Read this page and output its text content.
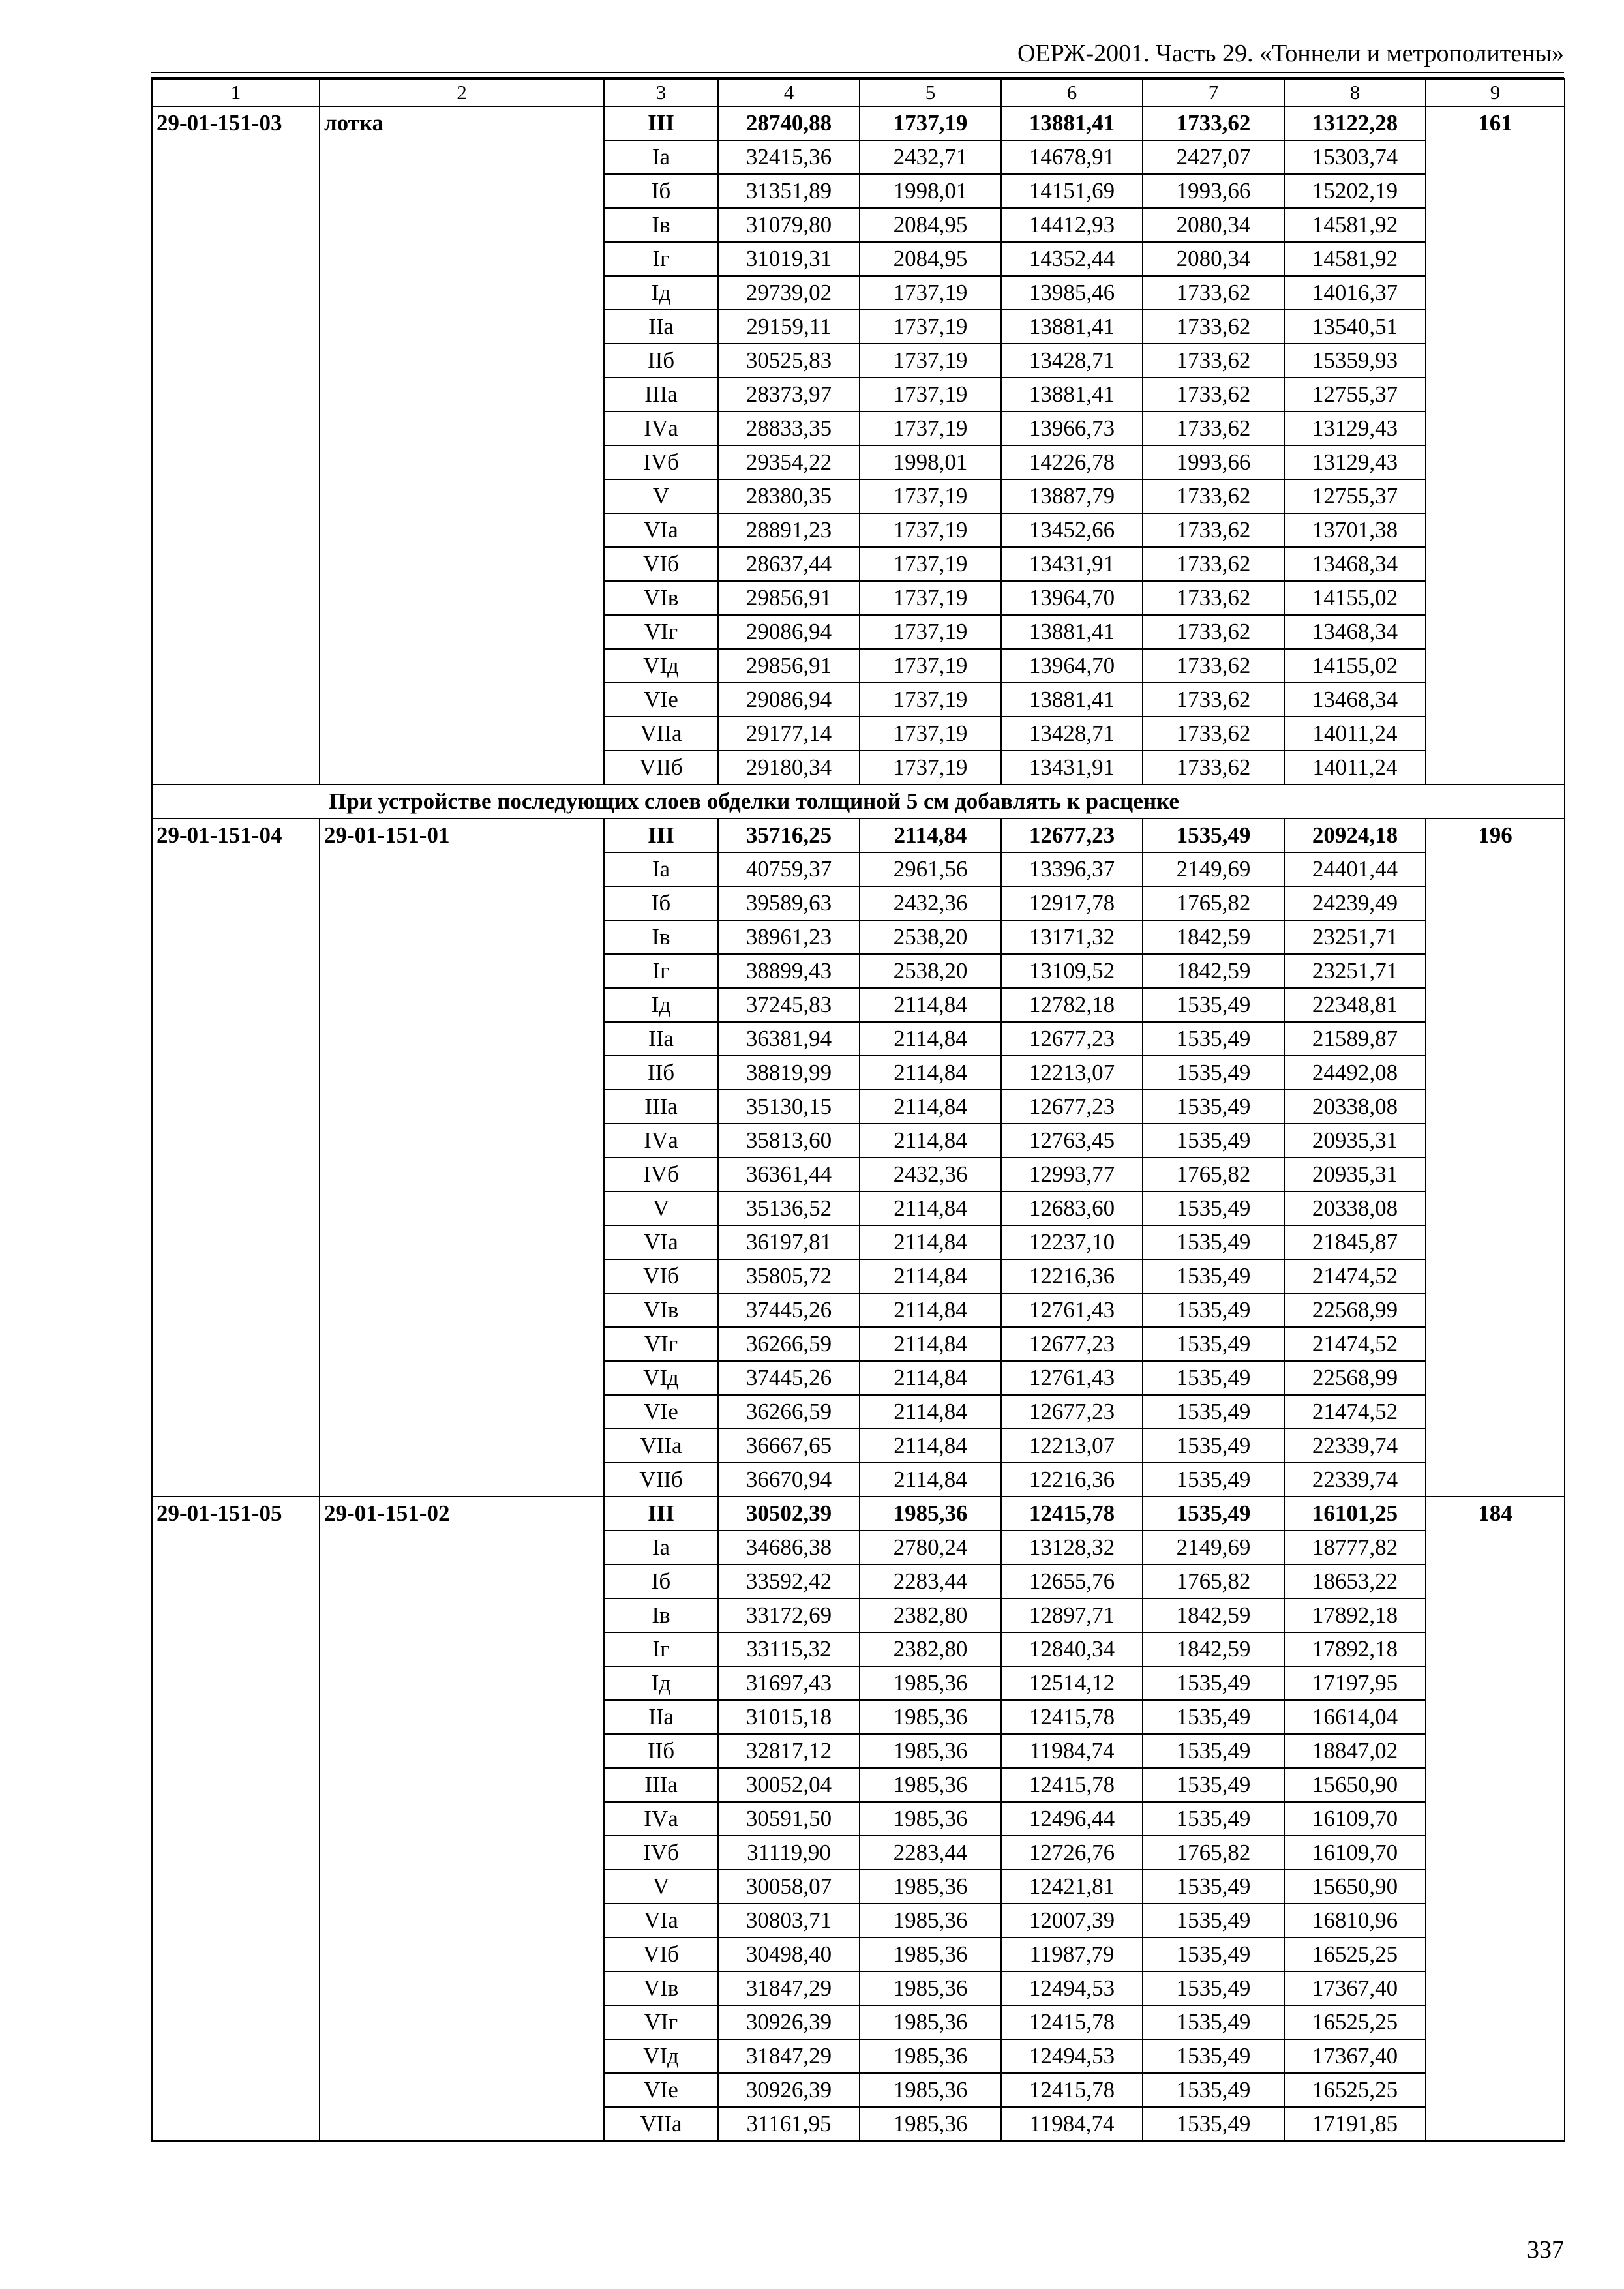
ОЕРЖ-2001. Часть 29. «Тоннели и метрополитены»
1	2	3	4	5	6	7	8	9
29-01-151-03	лотка	III	28740,88	1737,19	13881,41	1733,62	13122,28	161
		Iа	32415,36	2432,71	14678,91	2427,07	15303,74	
		Iб	31351,89	1998,01	14151,69	1993,66	15202,19	
		Iв	31079,80	2084,95	14412,93	2080,34	14581,92	
		Iг	31019,31	2084,95	14352,44	2080,34	14581,92	
		Iд	29739,02	1737,19	13985,46	1733,62	14016,37	
		IIа	29159,11	1737,19	13881,41	1733,62	13540,51	
		IIб	30525,83	1737,19	13428,71	1733,62	15359,93	
		IIIа	28373,97	1737,19	13881,41	1733,62	12755,37	
		IVа	28833,35	1737,19	13966,73	1733,62	13129,43	
		IVб	29354,22	1998,01	14226,78	1993,66	13129,43	
		V	28380,35	1737,19	13887,79	1733,62	12755,37	
		VIа	28891,23	1737,19	13452,66	1733,62	13701,38	
		VIб	28637,44	1737,19	13431,91	1733,62	13468,34	
		VIв	29856,91	1737,19	13964,70	1733,62	14155,02	
		VIг	29086,94	1737,19	13881,41	1733,62	13468,34	
		VIд	29856,91	1737,19	13964,70	1733,62	14155,02	
		VIе	29086,94	1737,19	13881,41	1733,62	13468,34	
		VIIа	29177,14	1737,19	13428,71	1733,62	14011,24	
		VIIб	29180,34	1737,19	13431,91	1733,62	14011,24	
При устройстве последующих слоев обделки толщиной 5 см добавлять к расценке								
29-01-151-04	29-01-151-01	III	35716,25	2114,84	12677,23	1535,49	20924,18	196
		Iа	40759,37	2961,56	13396,37	2149,69	24401,44	
		Iб	39589,63	2432,36	12917,78	1765,82	24239,49	
		Iв	38961,23	2538,20	13171,32	1842,59	23251,71	
		Iг	38899,43	2538,20	13109,52	1842,59	23251,71	
		Iд	37245,83	2114,84	12782,18	1535,49	22348,81	
		IIа	36381,94	2114,84	12677,23	1535,49	21589,87	
		IIб	38819,99	2114,84	12213,07	1535,49	24492,08	
		IIIа	35130,15	2114,84	12677,23	1535,49	20338,08	
		IVа	35813,60	2114,84	12763,45	1535,49	20935,31	
		IVб	36361,44	2432,36	12993,77	1765,82	20935,31	
		V	35136,52	2114,84	12683,60	1535,49	20338,08	
		VIа	36197,81	2114,84	12237,10	1535,49	21845,87	
		VIб	35805,72	2114,84	12216,36	1535,49	21474,52	
		VIв	37445,26	2114,84	12761,43	1535,49	22568,99	
		VIг	36266,59	2114,84	12677,23	1535,49	21474,52	
		VIд	37445,26	2114,84	12761,43	1535,49	22568,99	
		VIе	36266,59	2114,84	12677,23	1535,49	21474,52	
		VIIа	36667,65	2114,84	12213,07	1535,49	22339,74	
		VIIб	36670,94	2114,84	12216,36	1535,49	22339,74	
29-01-151-05	29-01-151-02	III	30502,39	1985,36	12415,78	1535,49	16101,25	184
		Iа	34686,38	2780,24	13128,32	2149,69	18777,82	
		Iб	33592,42	2283,44	12655,76	1765,82	18653,22	
		Iв	33172,69	2382,80	12897,71	1842,59	17892,18	
		Iг	33115,32	2382,80	12840,34	1842,59	17892,18	
		Iд	31697,43	1985,36	12514,12	1535,49	17197,95	
		IIа	31015,18	1985,36	12415,78	1535,49	16614,04	
		IIб	32817,12	1985,36	11984,74	1535,49	18847,02	
		IIIа	30052,04	1985,36	12415,78	1535,49	15650,90	
		IVа	30591,50	1985,36	12496,44	1535,49	16109,70	
		IVб	31119,90	2283,44	12726,76	1765,82	16109,70	
		V	30058,07	1985,36	12421,81	1535,49	15650,90	
		VIа	30803,71	1985,36	12007,39	1535,49	16810,96	
		VIб	30498,40	1985,36	11987,79	1535,49	16525,25	
		VIв	31847,29	1985,36	12494,53	1535,49	17367,40	
		VIг	30926,39	1985,36	12415,78	1535,49	16525,25	
		VIд	31847,29	1985,36	12494,53	1535,49	17367,40	
		VIе	30926,39	1985,36	12415,78	1535,49	16525,25	
		VIIа	31161,95	1985,36	11984,74	1535,49	17191,85	
337
